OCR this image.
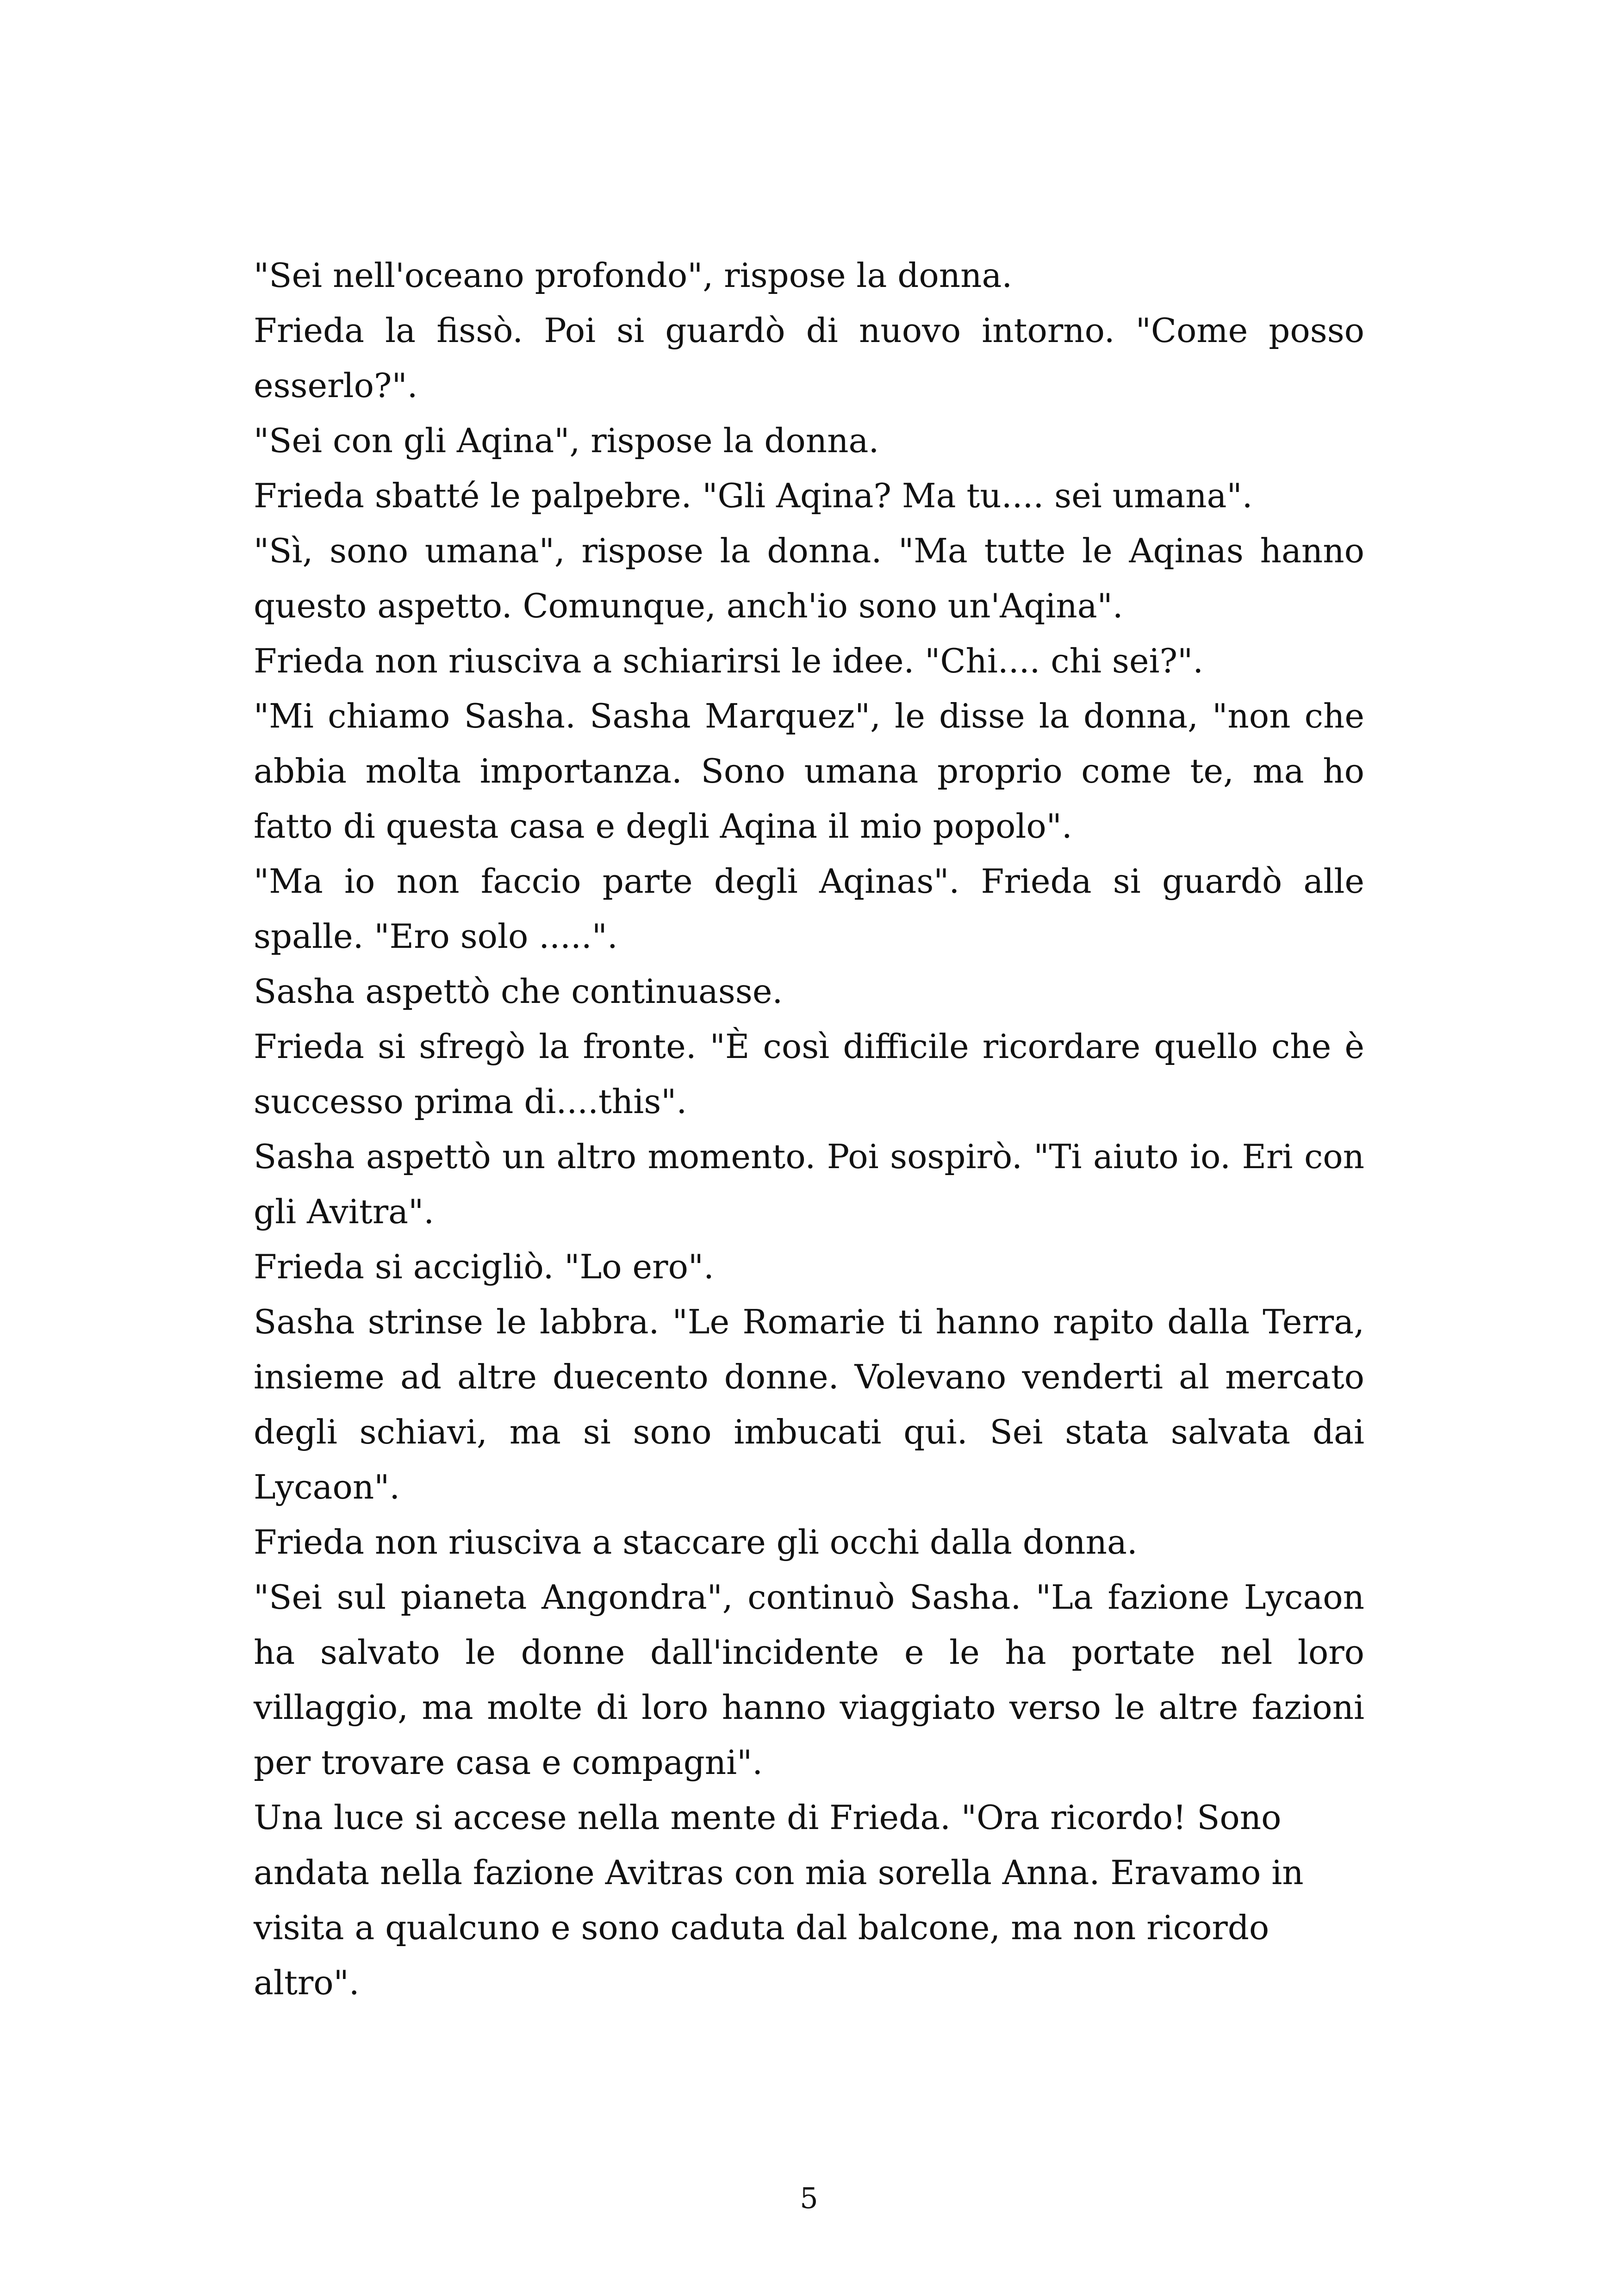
"Sei nell'oceano profondo", rispose la donna.

Frieda la fissò. Poi si guardò di nuovo intorno. "Come posso esserlo?".

"Sei con gli Aqina", rispose la donna.

Frieda sbatté le palpebre. "Gli Aqina? Ma tu.... sei umana".

"Sì, sono umana", rispose la donna. "Ma tutte le Aqinas hanno questo aspetto. Comunque, anch'io sono un'Aqina".

Frieda non riusciva a schiarirsi le idee. "Chi.... chi sei?".

"Mi chiamo Sasha. Sasha Marquez", le disse la donna, "non che abbia molta importanza. Sono umana proprio come te, ma ho fatto di questa casa e degli Aqina il mio popolo".

"Ma io non faccio parte degli Aqinas". Frieda si guardò alle spalle. "Ero solo .....".

Sasha aspettò che continuasse.

Frieda si sfregò la fronte. "È così difficile ricordare quello che è successo prima di....this".

Sasha aspettò un altro momento. Poi sospirò. "Ti aiuto io. Eri con gli Avitra".

Frieda si accigliò. "Lo ero".

Sasha strinse le labbra. "Le Romarie ti hanno rapito dalla Terra, insieme ad altre duecento donne. Volevano venderti al mercato degli schiavi, ma si sono imbucati qui. Sei stata salvata dai Lycaon".

Frieda non riusciva a staccare gli occhi dalla donna.

"Sei sul pianeta Angondra", continuò Sasha. "La fazione Lycaon ha salvato le donne dall'incidente e le ha portate nel loro villaggio, ma molte di loro hanno viaggiato verso le altre fazioni per trovare casa e compagni".

Una luce si accese nella mente di Frieda. "Ora ricordo! Sono andata nella fazione Avitras con mia sorella Anna. Eravamo in visita a qualcuno e sono caduta dal balcone, ma non ricordo altro".

5
